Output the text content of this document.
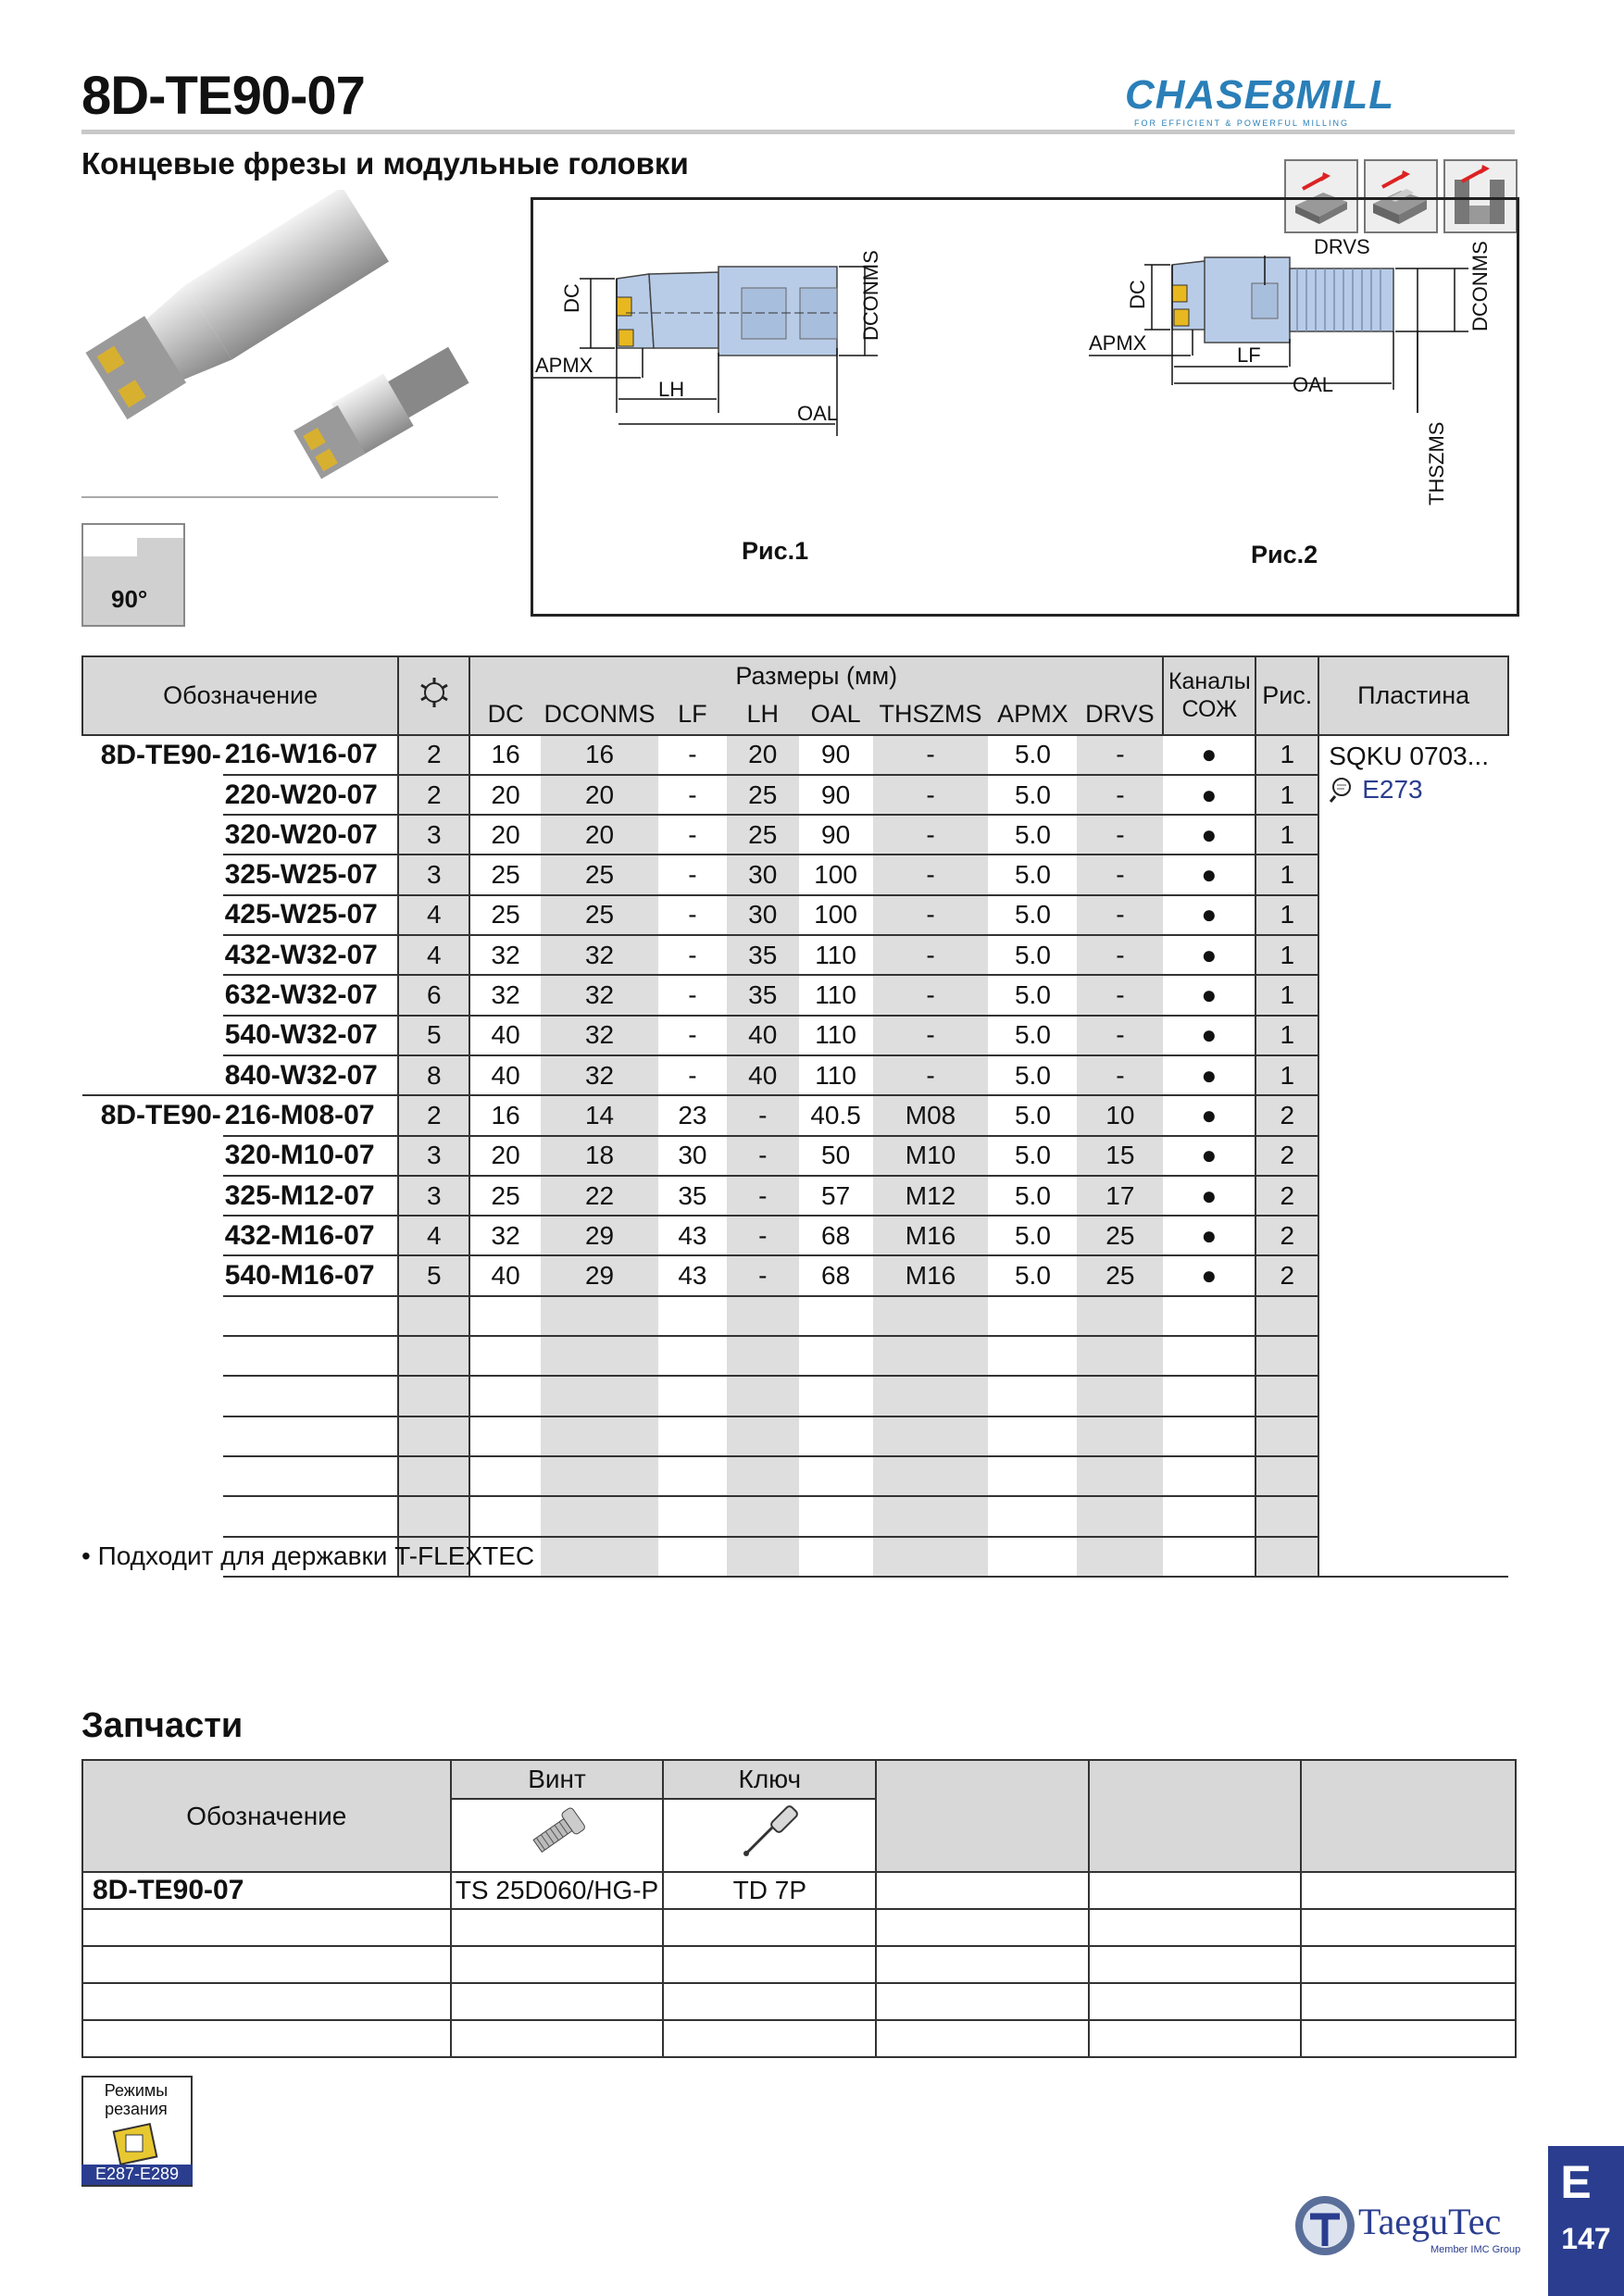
8D-TE90-07
Концевые фрезы и модульные головки
CHASE8MILL
FOR EFFICIENT & POWERFUL MILLING
90°
DC
APMX
LH
OAL
DCONMS
Рис.1
DC
APMX
LF
OAL
DRVS	DCONMS
THSZMS
Рис.2
Обозначение			Размеры (мм)								Каналы СОЖ	Рис.	Пластина
			DC	DCONMS	LF	LH	OAL	THSZMS	APMX	DRVS			
8D-TE90-	216-W16-07	2	16	16	-	20	90	-	5.0	-	●	1	SQKU 0703...
E273

	220-W20-07	2	20	20	-	25	90	-	5.0	-	●	1	
	320-W20-07	3	20	20	-	25	90	-	5.0	-	●	1	
	325-W25-07	3	25	25	-	30	100	-	5.0	-	●	1	
	425-W25-07	4	25	25	-	30	100	-	5.0	-	●	1	
	432-W32-07	4	32	32	-	35	110	-	5.0	-	●	1	
	632-W32-07	6	32	32	-	35	110	-	5.0	-	●	1	
	540-W32-07	5	40	32	-	40	110	-	5.0	-	●	1	
	840-W32-07	8	40	32	-	40	110	-	5.0	-	●	1	
8D-TE90-	216-M08-07	2	16	14	23	-	40.5	M08	5.0	10	●	2	
	320-M10-07	3	20	18	30	-	50	M10	5.0	15	●	2	
	325-M12-07	3	25	22	35	-	57	M12	5.0	17	●	2	
	432-M16-07	4	32	29	43	-	68	M16	5.0	25	●	2	
	540-M16-07	5	40	29	43	-	68	M16	5.0	25	●	2	

• Подходит для державки T-FLEXTEC
Запчасти
Обозначение	Винт	Ключ			

8D-TE90-07	TS 25D060/HG-P	TD 7P			

Режимы резания
E287-E289
TaeguTec
Member IMC Group
E
147
